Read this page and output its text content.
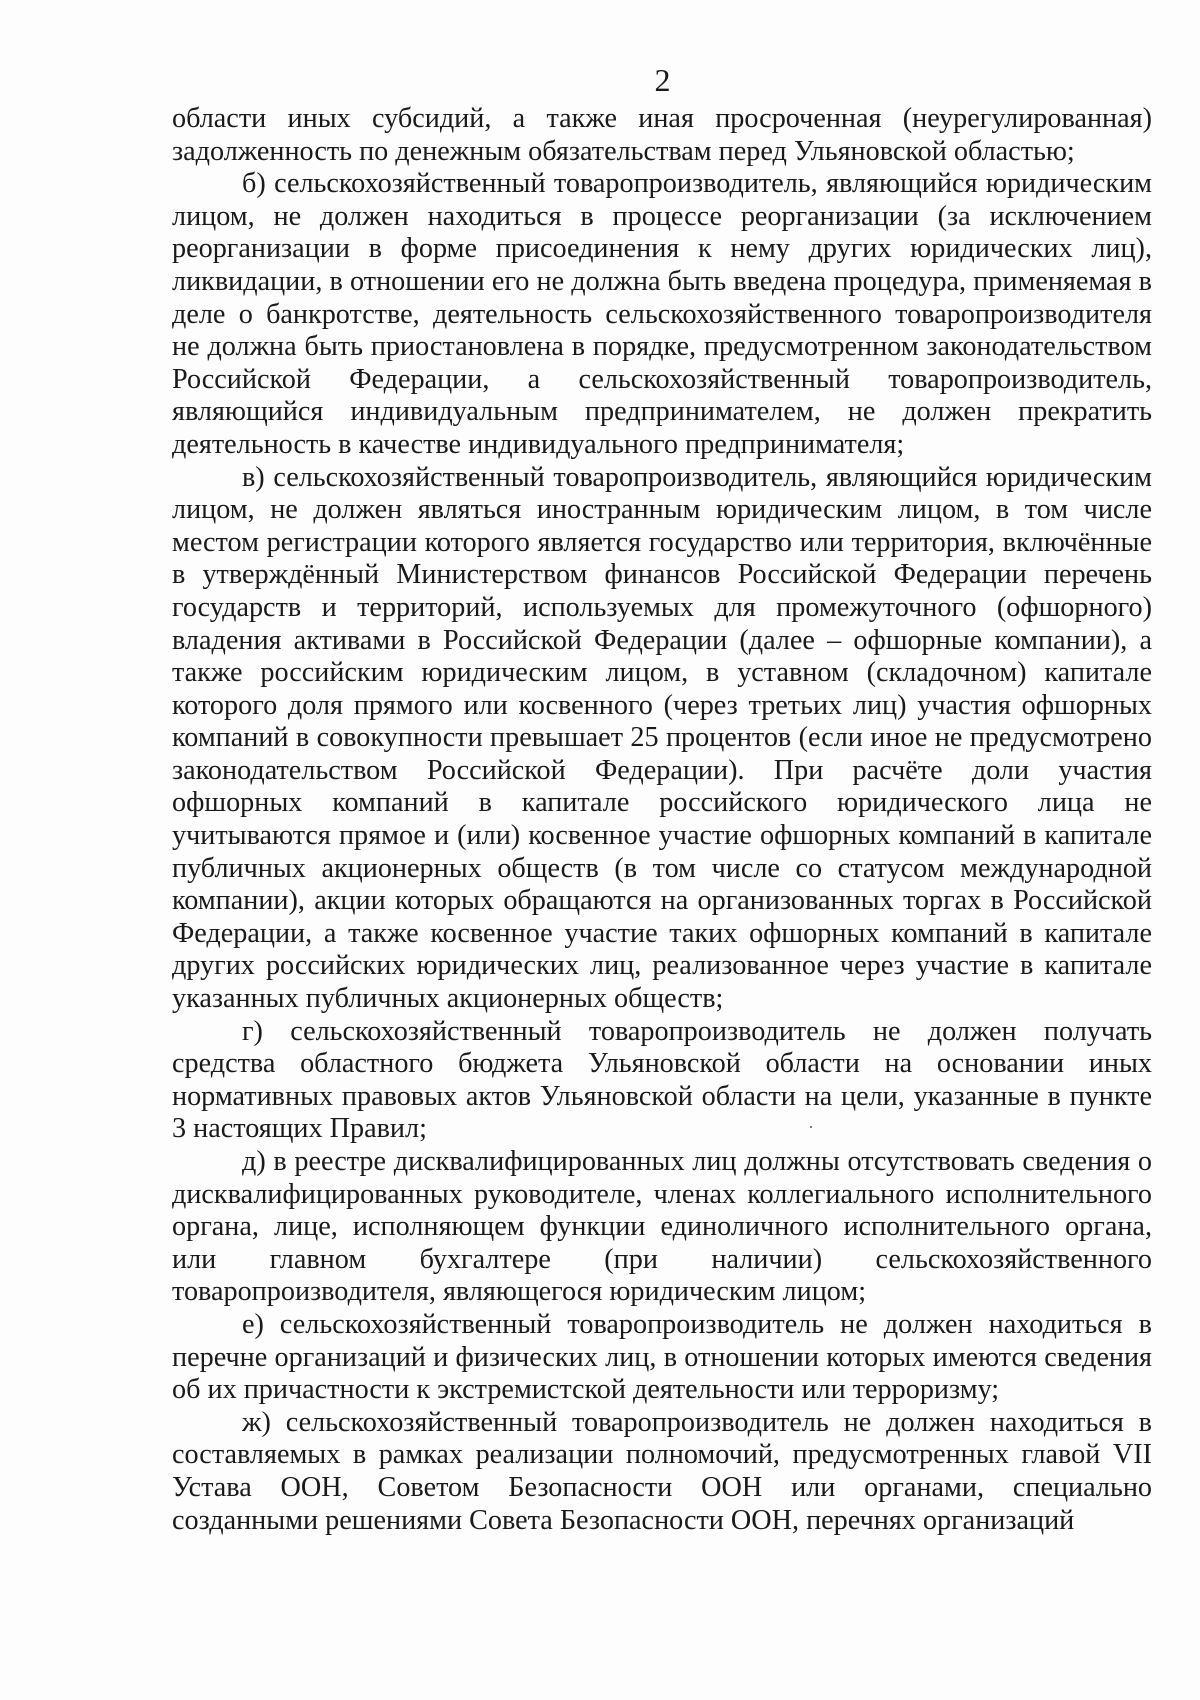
2

области иных субсидий, а также иная просроченная (неурегулированная) задолженность по денежным обязательствам перед Ульяновской областью;

б) сельскохозяйственный товаропроизводитель, являющийся юридическим лицом, не должен находиться в процессе реорганизации (за исключением реорганизации в форме присоединения к нему других юридических лиц), ликвидации, в отношении его не должна быть введена процедура, применяемая в деле о банкротстве, деятельность сельскохозяйственного товаропроизводителя не должна быть приостановлена в порядке, предусмотренном законодательством Российской Федерации, а сельскохозяйственный товаропроизводитель, являющийся индивидуальным предпринимателем, не должен прекратить деятельность в качестве индивидуального предпринимателя;

в) сельскохозяйственный товаропроизводитель, являющийся юридическим лицом, не должен являться иностранным юридическим лицом, в том числе местом регистрации которого является государство или территория, включённые в утверждённый Министерством финансов Российской Федерации перечень государств и территорий, используемых для промежуточного (офшорного) владения активами в Российской Федерации (далее – офшорные компании), а также российским юридическим лицом, в уставном (складочном) капитале которого доля прямого или косвенного (через третьих лиц) участия офшорных компаний в совокупности превышает 25 процентов (если иное не предусмотрено законодательством Российской Федерации). При расчёте доли участия офшорных компаний в капитале российского юридического лица не учитываются прямое и (или) косвенное участие офшорных компаний в капитале публичных акционерных обществ (в том числе со статусом международной компании), акции которых обращаются на организованных торгах в Российской Федерации, а также косвенное участие таких офшорных компаний в капитале других российских юридических лиц, реализованное через участие в капитале указанных публичных акционерных обществ;

г) сельскохозяйственный товаропроизводитель не должен получать средства областного бюджета Ульяновской области на основании иных нормативных правовых актов Ульяновской области на цели, указанные в пункте 3 настоящих Правил;

д) в реестре дисквалифицированных лиц должны отсутствовать сведения о дисквалифицированных руководителе, членах коллегиального исполнительного органа, лице, исполняющем функции единоличного исполнительного органа, или главном бухгалтере (при наличии) сельскохозяйственного товаропроизводителя, являющегося юридическим лицом;

е) сельскохозяйственный товаропроизводитель не должен находиться в перечне организаций и физических лиц, в отношении которых имеются сведения об их причастности к экстремистской деятельности или терроризму;

ж) сельскохозяйственный товаропроизводитель не должен находиться в составляемых в рамках реализации полномочий, предусмотренных главой VII Устава ООН, Советом Безопасности ООН или органами, специально созданными решениями Совета Безопасности ООН, перечнях организаций
